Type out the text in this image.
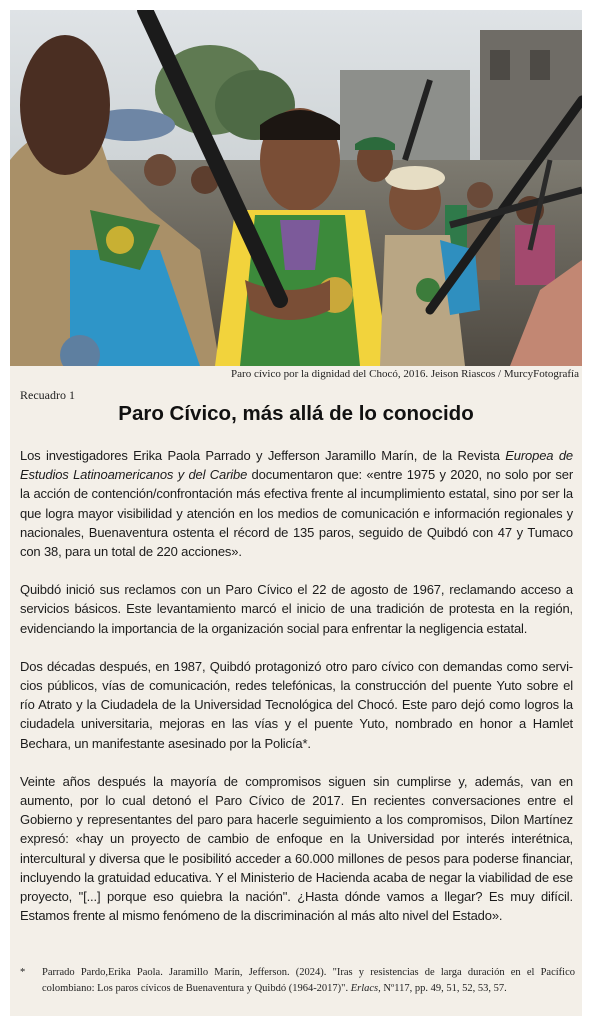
Paro cívico por la dignidad del Chocó, 2016. Jeison Riascos / MurcyFotografía
Recuadro 1
Paro Cívico, más allá de lo conocido

Los investigadores Erika Paola Parrado y Jefferson Jaramillo Marín, de la Revista Europea de Estudios Latinoamericanos y del Caribe documentaron que: «entre 1975 y 2020, no solo por ser la acción de contención/confrontación más efectiva frente al incumplimiento estatal, sino por ser la que logra mayor visibilidad y atención en los medios de comunicación e información regionales y nacionales, Buenaventura ostenta el récord de 135 paros, seguido de Quibdó con 47 y Tumaco con 38, para un total de 220 acciones».

Quibdó inició sus reclamos con un Paro Cívico el 22 de agosto de 1967, reclamando acceso a servicios básicos. Este levantamiento marcó el inicio de una tradición de protesta en la región, evidenciando la importancia de la organización social para enfrentar la negligencia estatal.

Dos décadas después, en 1987, Quibdó protagonizó otro paro cívico con demandas como servi-cios públicos, vías de comunicación, redes telefónicas, la construcción del puente Yuto sobre el río Atrato y la Ciudadela de la Universidad Tecnológica del Chocó. Este paro dejó como logros la ciudadela universitaria, mejoras en las vías y el puente Yuto, nombrado en honor a Hamlet Bechara, un manifestante asesinado por la Policía*.

Veinte años después la mayoría de compromisos siguen sin cumplirse y, además, van en aumento, por lo cual detonó el Paro Cívico de 2017. En recientes conversaciones entre el Gobierno y representantes del paro para hacerle seguimiento a los compromisos, Dilon Martínez expresó: «hay un proyecto de cambio de enfoque en la Universidad por interés interétnica, intercultural y diversa que le posibilitó acceder a 60.000 millones de pesos para poderse financiar, incluyendo la gratuidad educativa. Y el Ministerio de Hacienda acaba de negar la viabilidad de ese proyecto, "[...] porque eso quiebra la nación". ¿Hasta dónde vamos a llegar? Es muy difícil. Estamos frente al mismo fenómeno de la discriminación al más alto nivel del Estado».

*	Parrado Pardo,Erika Paola. Jaramillo Marín, Jefferson. (2024). "Iras y resistencias de larga duración en el Pacífico colombiano: Los paros cívicos de Buenaventura y Quibdó (1964-2017)". Erlacs, Nº117, pp. 49, 51, 52, 53, 57.
